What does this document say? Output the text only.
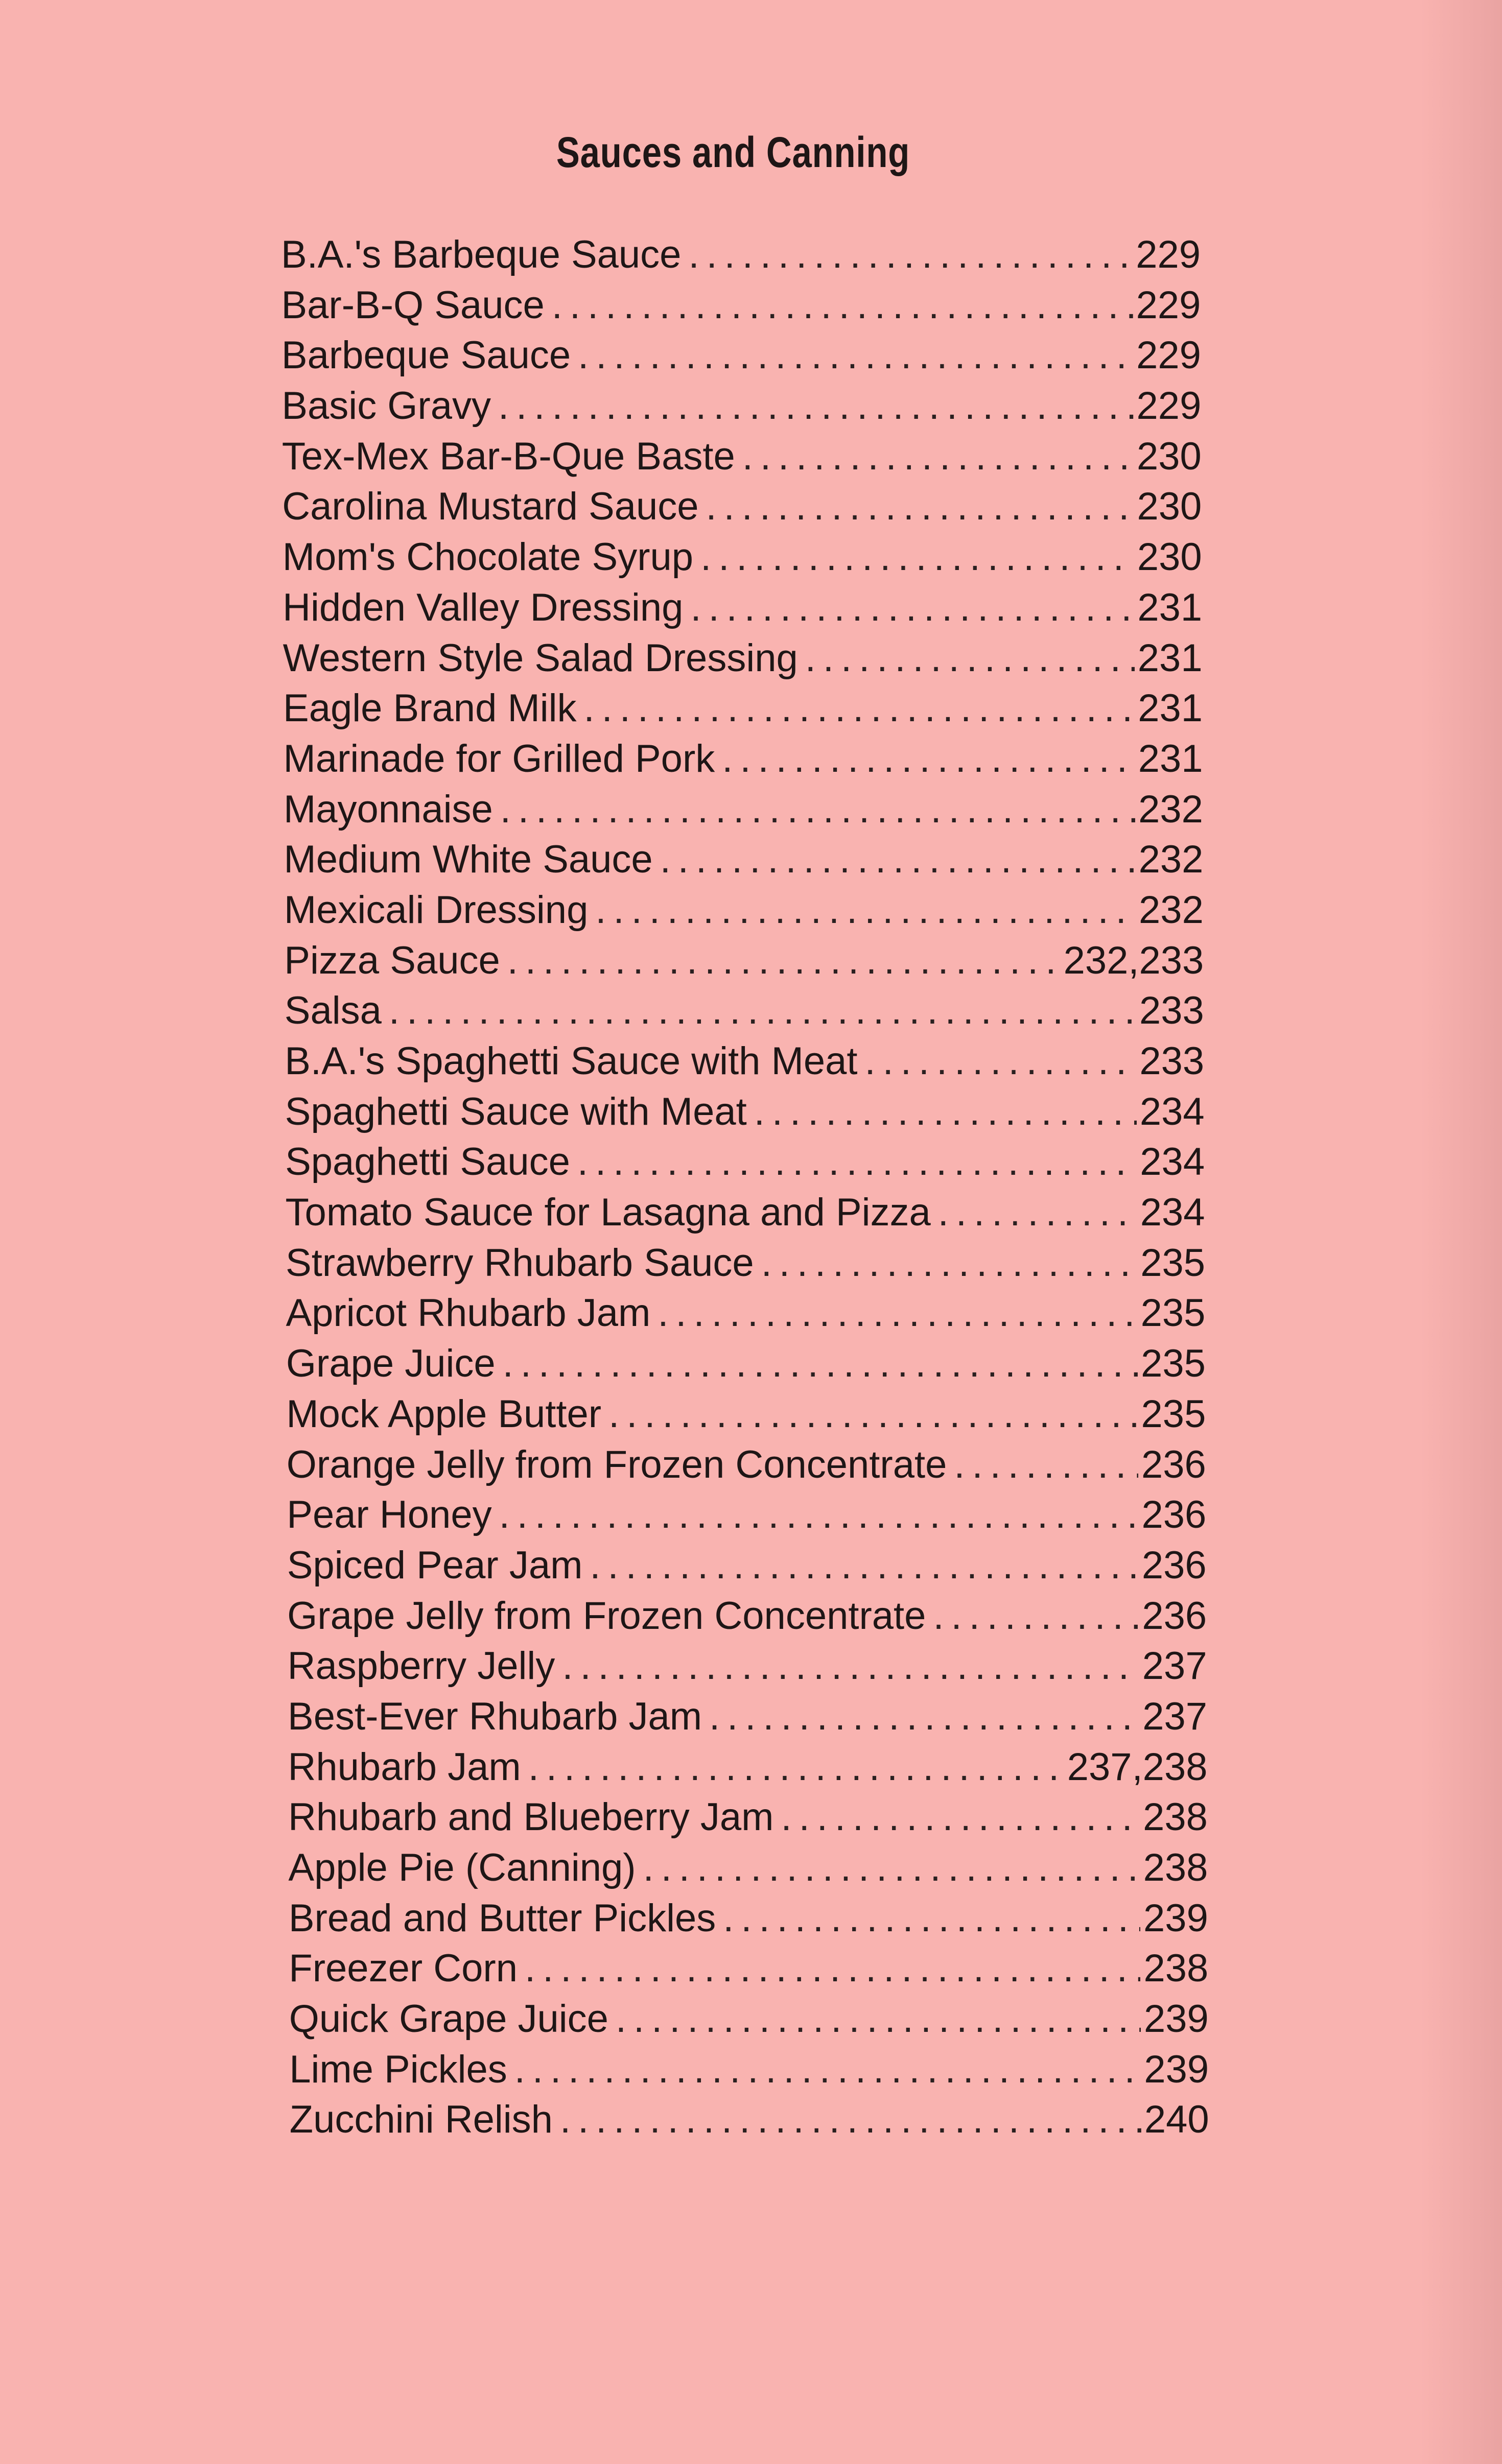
Sauces and Canning
B.A.'s Barbeque Sauce .....	229
Bar-B-Q Sauce .....	229
Barbeque Sauce .....	229
Basic Gravy .....	229
Tex-Mex Bar-B-Que Baste .....	230
Carolina Mustard Sauce .....	230
Mom's Chocolate Syrup .....	230
Hidden Valley Dressing .....	231
Western Style Salad Dressing .....	231
Eagle Brand Milk .....	231
Marinade for Grilled Pork .....	231
Mayonnaise .....	232
Medium White Sauce .....	232
Mexicali Dressing .....	232
Pizza Sauce .....	232,233
Salsa .....	233
B.A.'s Spaghetti Sauce with Meat .....	233
Spaghetti Sauce with Meat .....	234
Spaghetti Sauce .....	234
Tomato Sauce for Lasagna and Pizza .....	234
Strawberry Rhubarb Sauce .....	235
Apricot Rhubarb Jam .....	235
Grape Juice .....	235
Mock Apple Butter .....	235
Orange Jelly from Frozen Concentrate .....	236
Pear Honey .....	236
Spiced Pear Jam .....	236
Grape Jelly from Frozen Concentrate .....	236
Raspberry Jelly .....	237
Best-Ever Rhubarb Jam .....	237
Rhubarb Jam .....	237,238
Rhubarb and Blueberry Jam .....	238
Apple Pie (Canning) .....	238
Bread and Butter Pickles .....	239
Freezer Corn .....	238
Quick Grape Juice .....	239
Lime Pickles .....	239
Zucchini Relish .....	240
